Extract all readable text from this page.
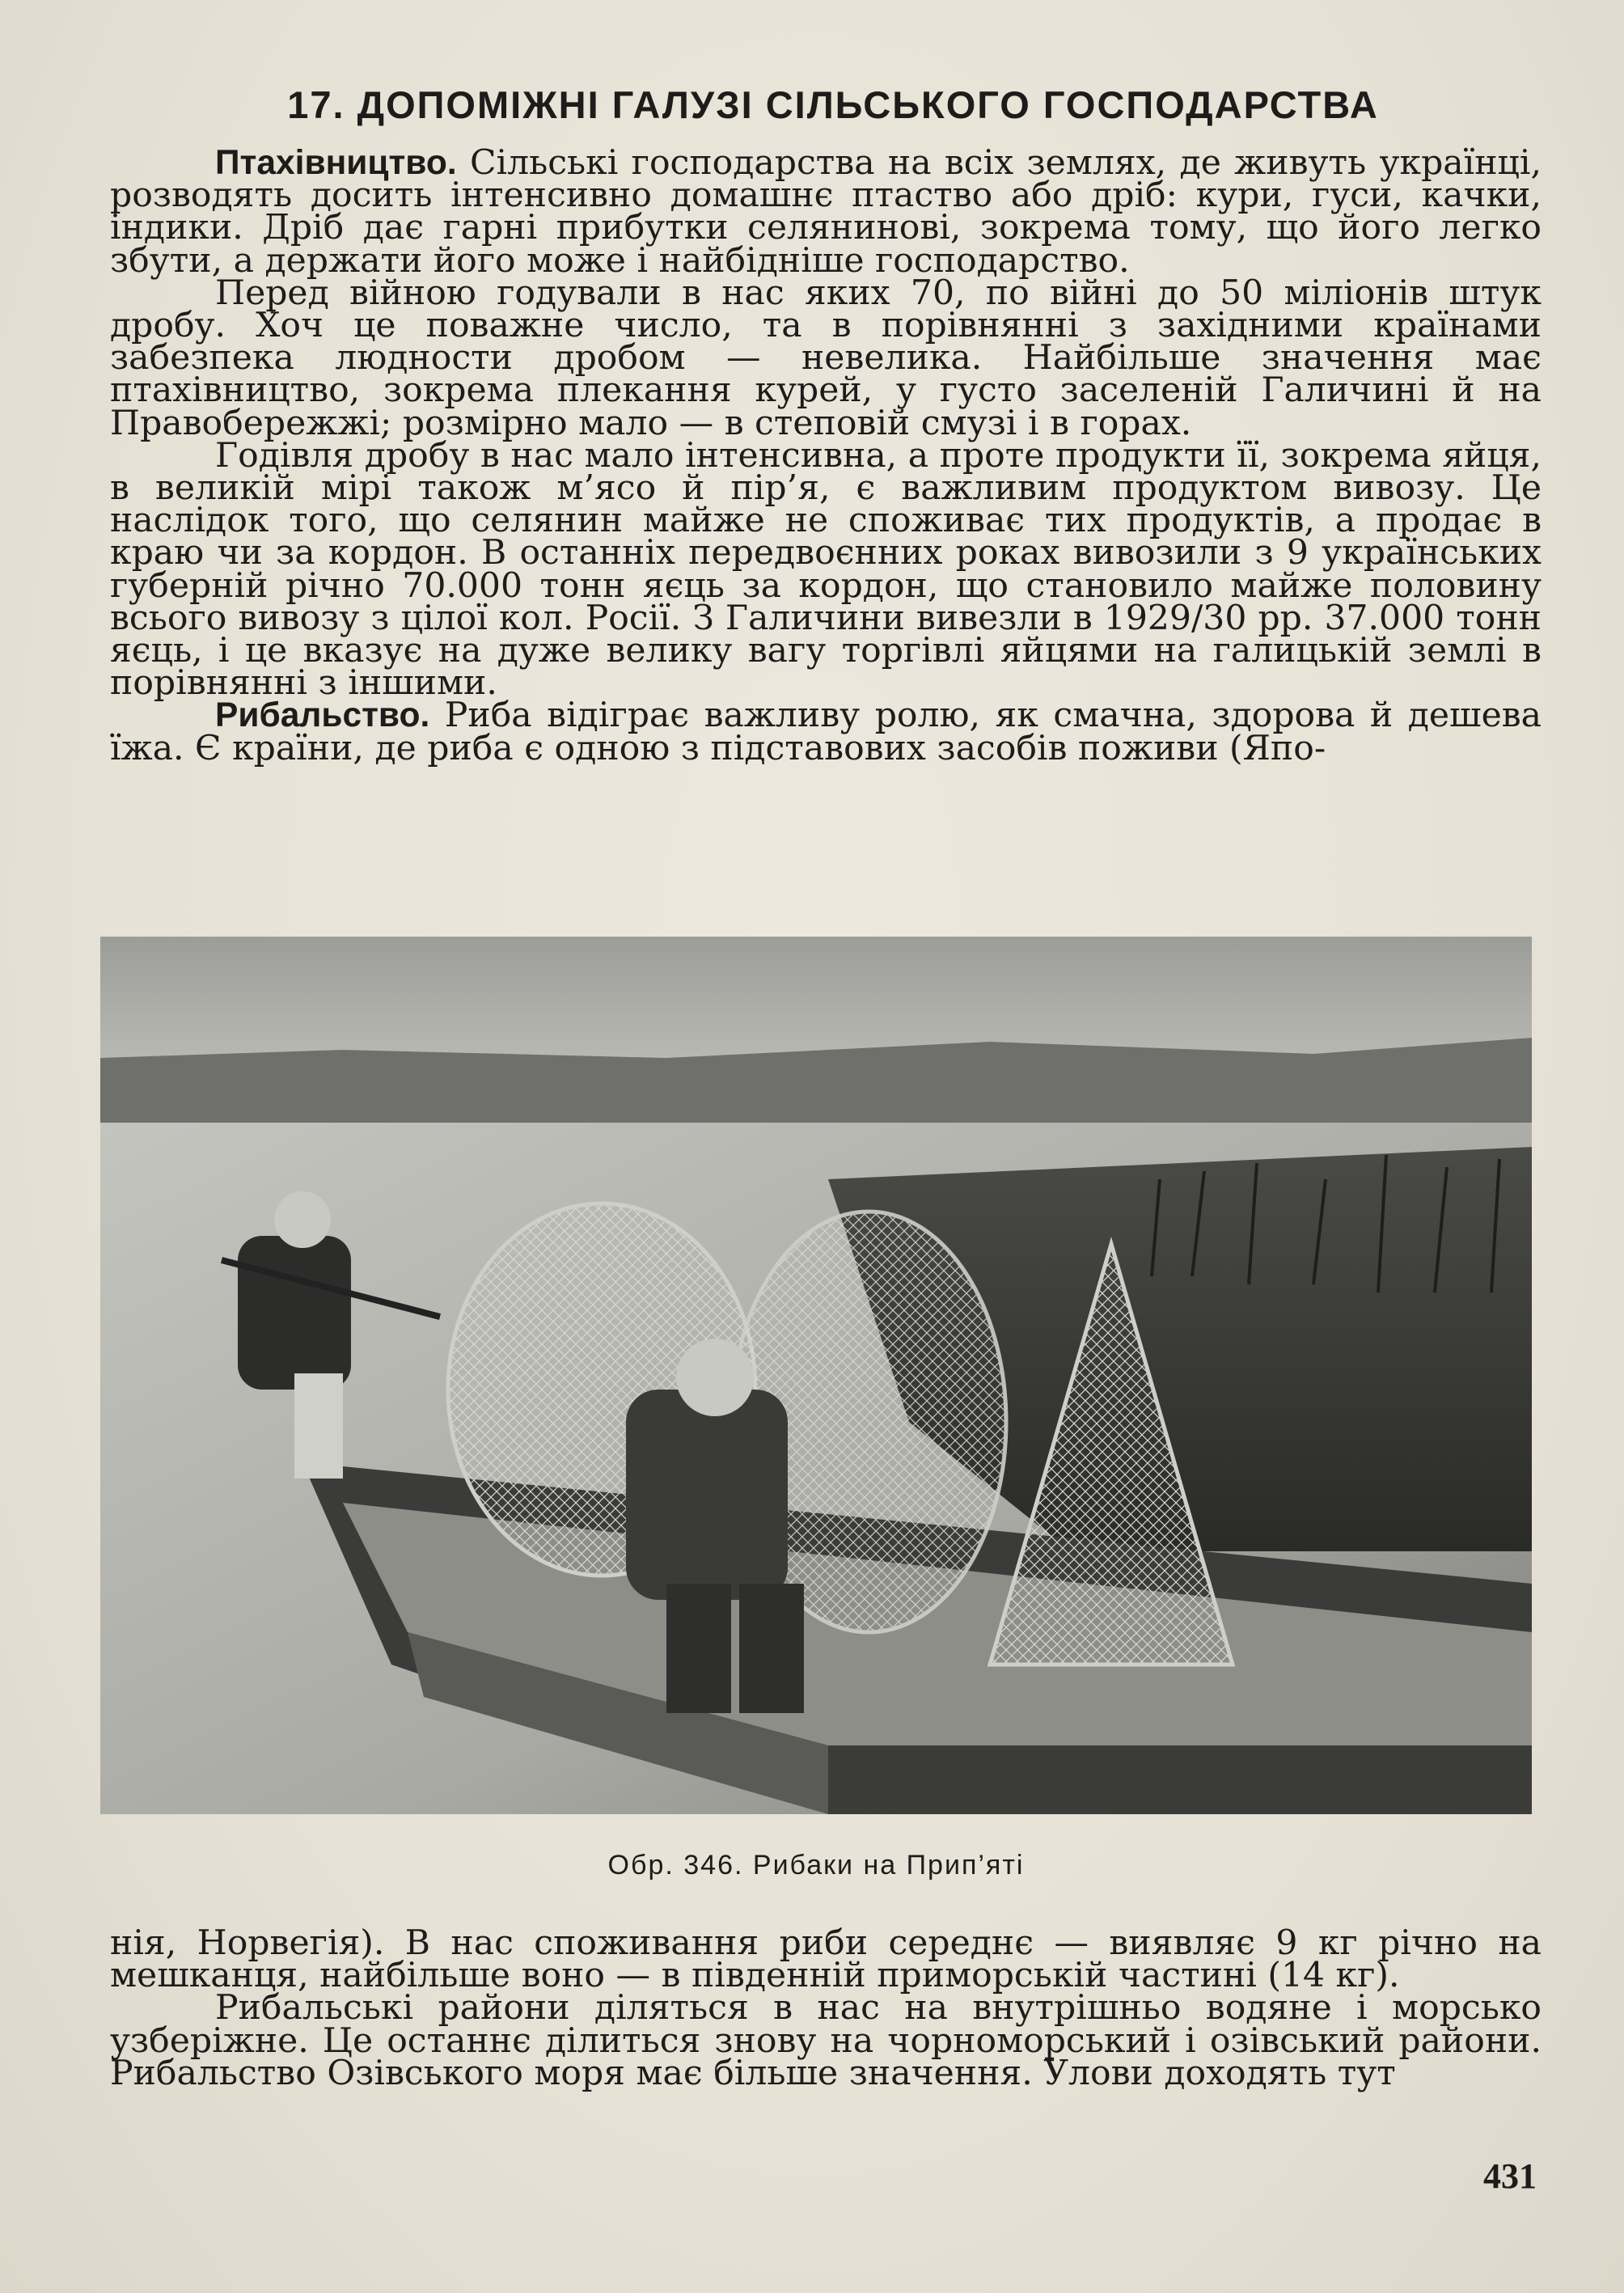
17. ДОПОМІЖНІ ГАЛУЗІ СІЛЬСЬКОГО ГОСПОДАРСТВА

Птахівництво. Сільські господарства на всіх землях, де живуть українці, розводять досить інтенсивно домашнє птаство або дріб: кури, гуси, качки, індики. Дріб дає гарні прибутки селянинові, зокрема тому, що його легко збути, а держати його може і найбідніше господарство.

Перед війною годували в нас яких 70, по війні до 50 міліонів штук дробу. Хоч це поважне число, та в порівнянні з західними країнами забезпека людности дробом — невелика. Найбільше значення має птахівництво, зокрема плекання курей, у густо заселеній Галичині й на Правобережжі; розмірно мало — в степовій смузі і в горах.

Годівля дробу в нас мало інтенсивна, а проте продукти її, зокрема яйця, в великій мірі також м’ясо й пір’я, є важливим продуктом вивозу. Це наслідок того, що селянин майже не споживає тих продуктів, а продає в краю чи за кордон. В останніх передвоєнних роках вивозили з 9 українських губерній річно 70.000 тонн яєць за кордон, що становило майже половину всього вивозу з цілої кол. Росії. З Галичини вивезли в 1929/30 рр. 37.000 тонн яєць, і це вказує на дуже велику вагу торгівлі яйцями на галицькій землі в порівнянні з іншими.

Рибальство. Риба відіграє важливу ролю, як смачна, здорова й дешева їжа. Є країни, де риба є одною з підставових засобів поживи (Япо-

Обр. 346. Рибаки на Прип’яті

нія, Норвегія). В нас споживання риби середнє — виявляє 9 кг річно на мешканця, найбільше воно — в південній приморській частині (14 кг).

Рибальські райони діляться в нас на внутрішньо водяне і морсько узберіжне. Це останнє ділиться знову на чорноморський і озівський райони. Рибальство Озівського моря має більше значення. Улови доходять тут

431
